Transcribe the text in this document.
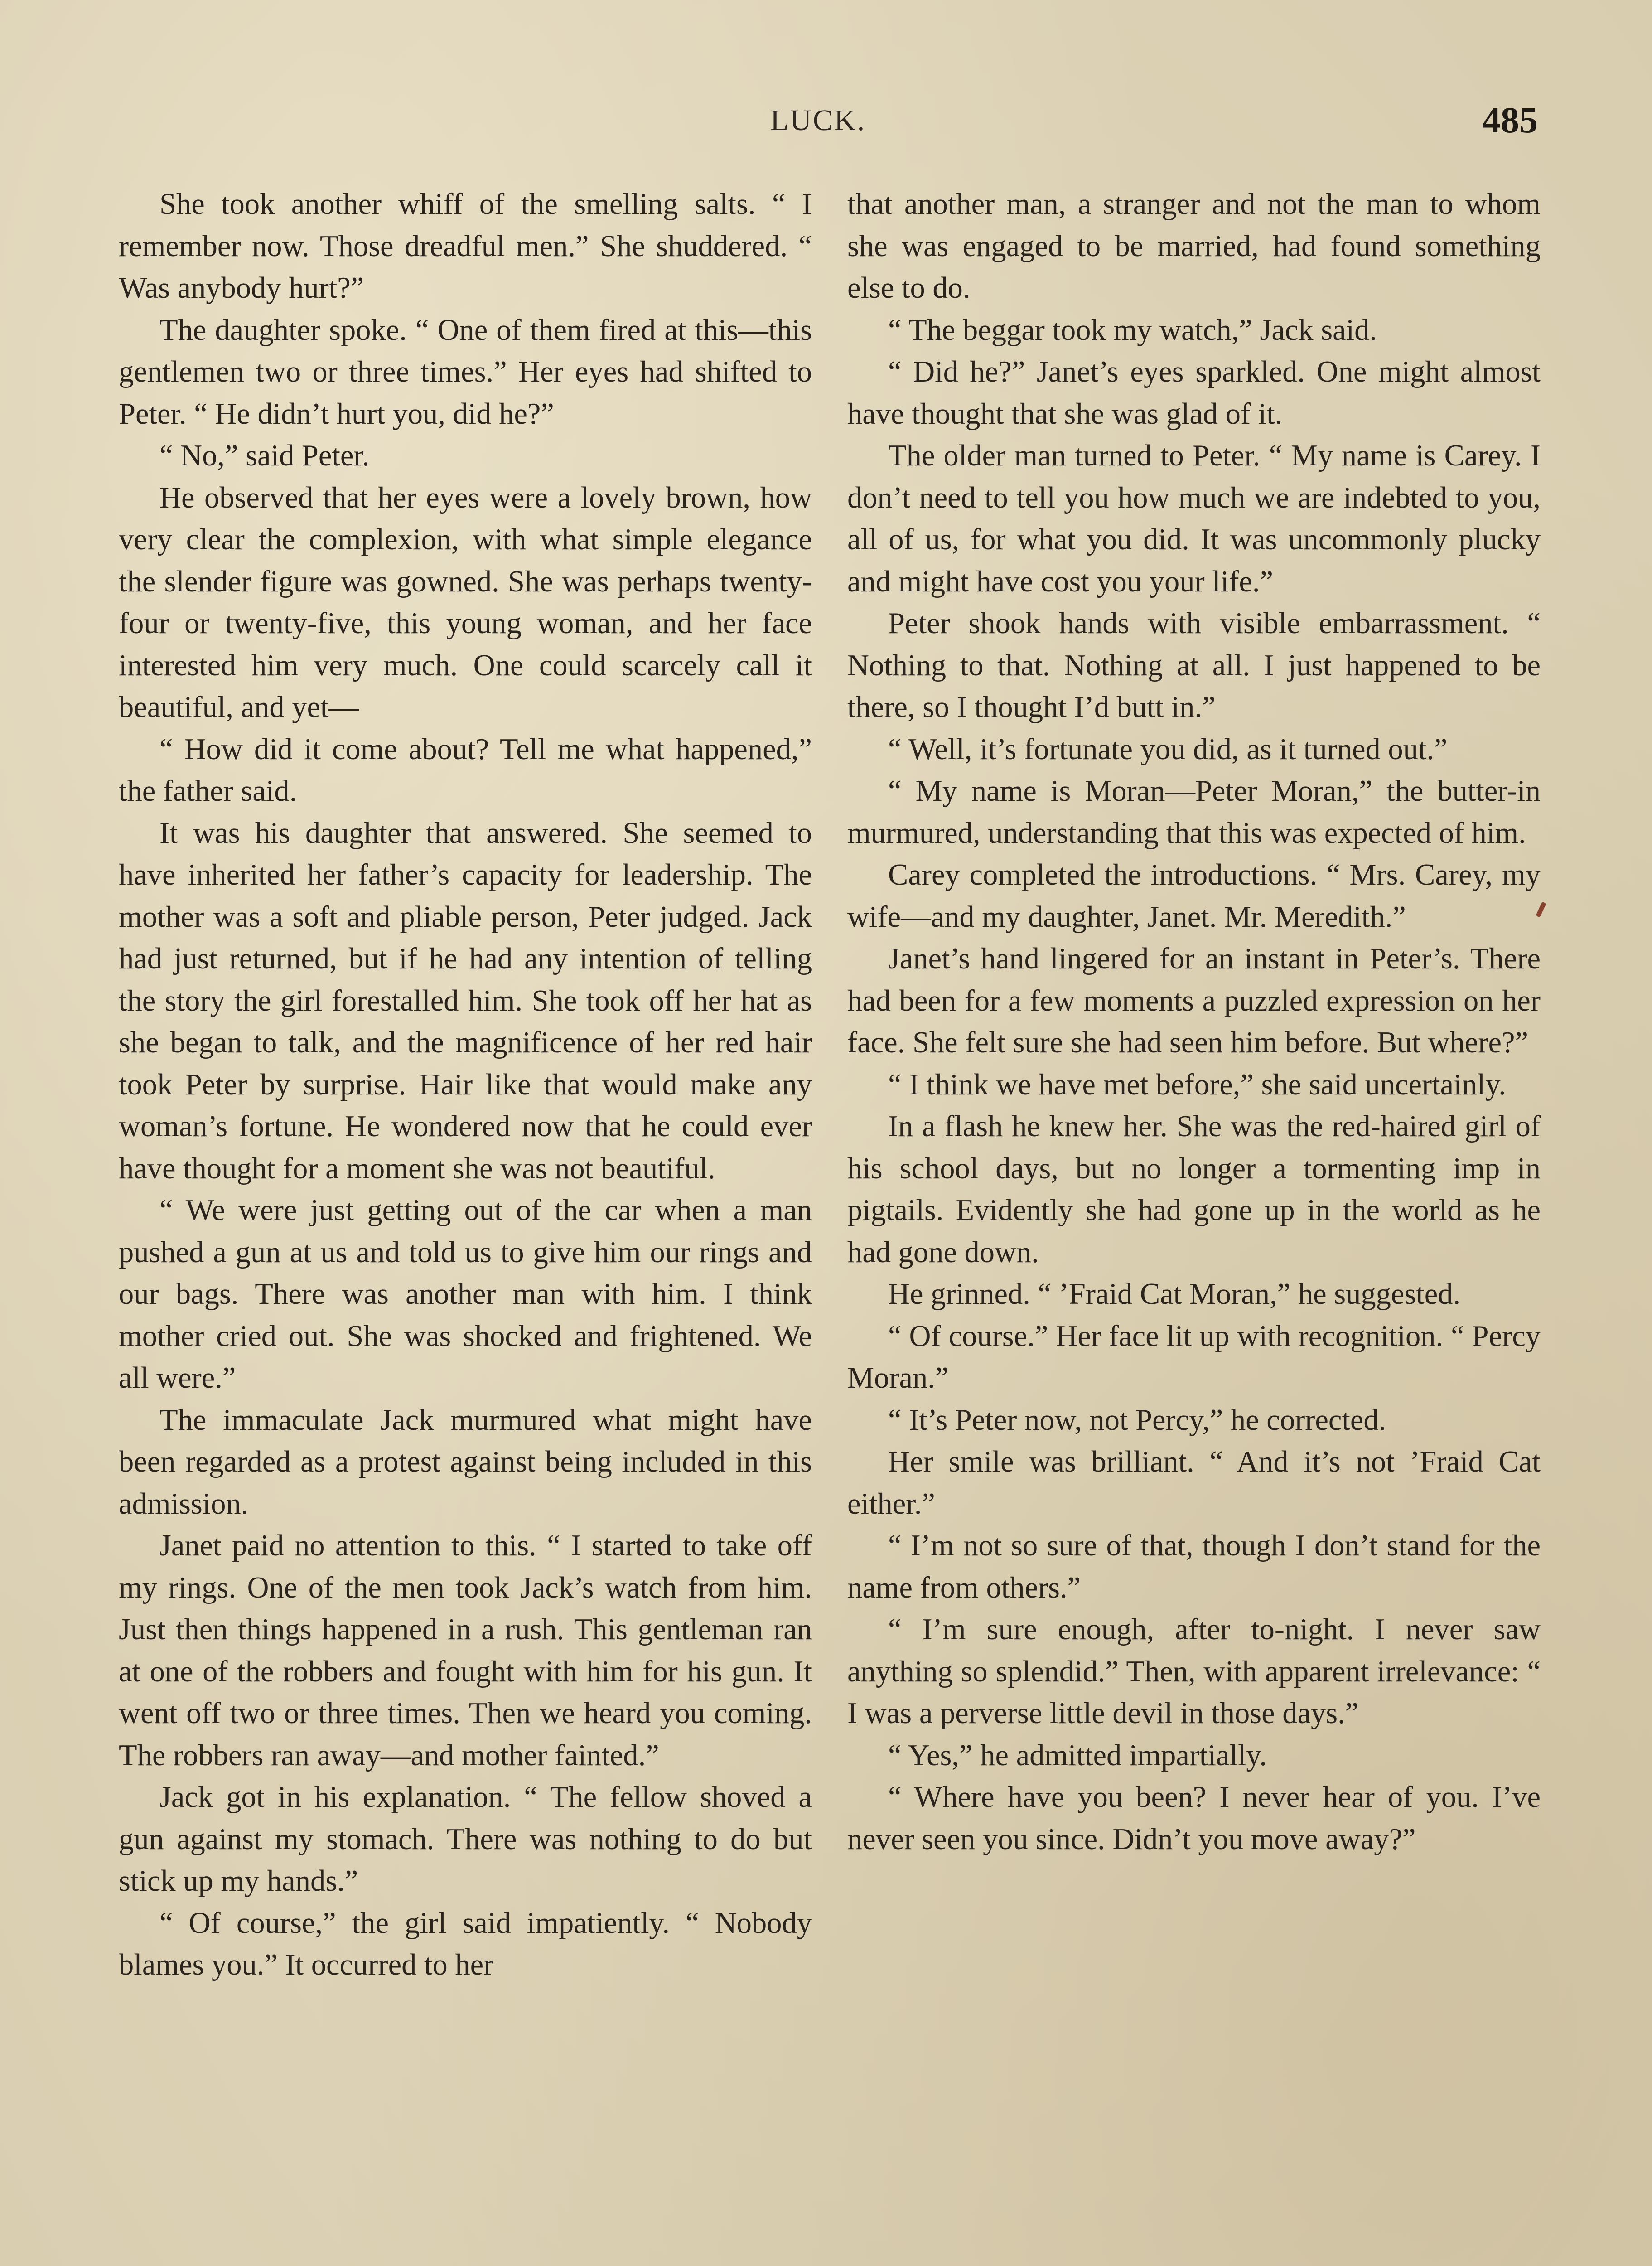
LUCK.	485

She took another whiff of the smelling salts. “ I remember now. Those dreadful men.” She shuddered. “ Was anybody hurt?”

The daughter spoke. “ One of them fired at this—this gentlemen two or three times.” Her eyes had shifted to Peter. “ He didn’t hurt you, did he?”

“ No,” said Peter.

He observed that her eyes were a lovely brown, how very clear the complexion, with what simple elegance the slender figure was gowned. She was perhaps twenty-four or twenty-five, this young woman, and her face interested him very much. One could scarcely call it beautiful, and yet—

“ How did it come about? Tell me what happened,” the father said.

It was his daughter that answered. She seemed to have inherited her father’s capacity for leadership. The mother was a soft and pliable person, Peter judged. Jack had just returned, but if he had any intention of telling the story the girl forestalled him. She took off her hat as she began to talk, and the magnificence of her red hair took Peter by surprise. Hair like that would make any woman’s fortune. He wondered now that he could ever have thought for a moment she was not beautiful.

“ We were just getting out of the car when a man pushed a gun at us and told us to give him our rings and our bags. There was another man with him. I think mother cried out. She was shocked and frightened. We all were.”

The immaculate Jack murmured what might have been regarded as a protest against being included in this admission.

Janet paid no attention to this. “ I started to take off my rings. One of the men took Jack’s watch from him. Just then things happened in a rush. This gentleman ran at one of the robbers and fought with him for his gun. It went off two or three times. Then we heard you coming. The robbers ran away—and mother fainted.”

Jack got in his explanation. “ The fellow shoved a gun against my stomach. There was nothing to do but stick up my hands.”

“ Of course,” the girl said impatiently. “ Nobody blames you.” It occurred to her

that another man, a stranger and not the man to whom she was engaged to be married, had found something else to do.

“ The beggar took my watch,” Jack said.

“ Did he?” Janet’s eyes sparkled. One might almost have thought that she was glad of it.

The older man turned to Peter. “ My name is Carey. I don’t need to tell you how much we are indebted to you, all of us, for what you did. It was uncommonly plucky and might have cost you your life.”

Peter shook hands with visible embarrassment. “ Nothing to that. Nothing at all. I just happened to be there, so I thought I’d butt in.”

“ Well, it’s fortunate you did, as it turned out.”

“ My name is Moran—Peter Moran,” the butter-in murmured, understanding that this was expected of him.

Carey completed the introductions. “ Mrs. Carey, my wife—and my daughter, Janet. Mr. Meredith.”

Janet’s hand lingered for an instant in Peter’s. There had been for a few moments a puzzled expression on her face. She felt sure she had seen him before. But where?”

“ I think we have met before,” she said uncertainly.

In a flash he knew her. She was the red-haired girl of his school days, but no longer a tormenting imp in pigtails. Evidently she had gone up in the world as he had gone down.

He grinned. “ ’Fraid Cat Moran,” he suggested.

“ Of course.” Her face lit up with recognition. “ Percy Moran.”

“ It’s Peter now, not Percy,” he corrected.

Her smile was brilliant. “ And it’s not ’Fraid Cat either.”

“ I’m not so sure of that, though I don’t stand for the name from others.”

“ I’m sure enough, after to-night. I never saw anything so splendid.” Then, with apparent irrelevance: “ I was a perverse little devil in those days.”

“ Yes,” he admitted impartially.

“ Where have you been? I never hear of you. I’ve never seen you since. Didn’t you move away?”
